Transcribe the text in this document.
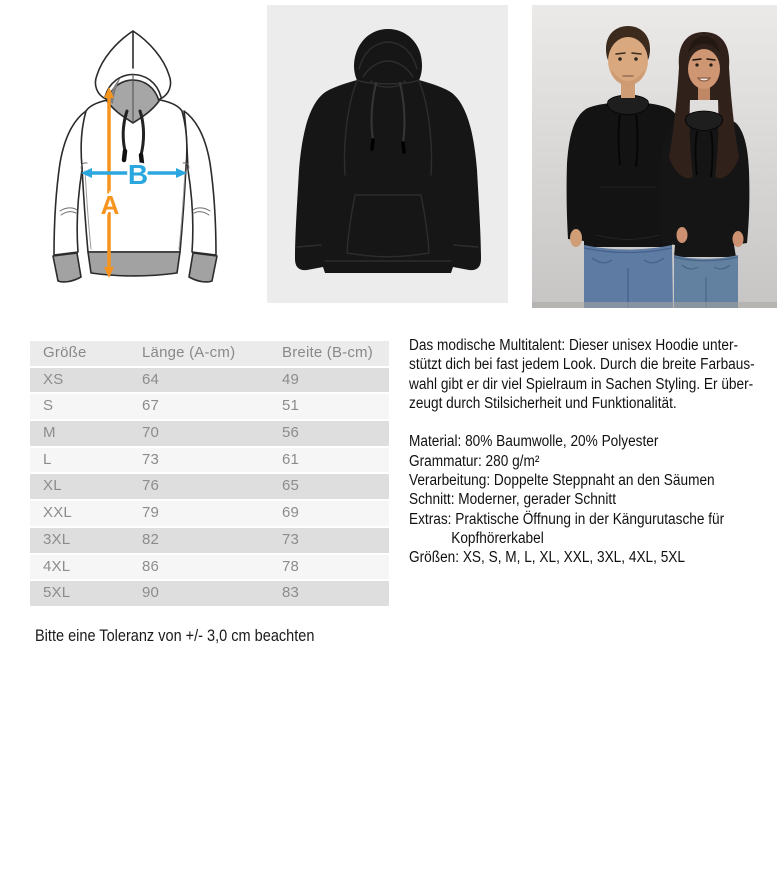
A
B
Größe	Länge (A-cm)	Breite (B-cm)
XS	64	49
S	67	51
M	70	56
L	73	61
XL	76	65
XXL	79	69
3XL	82	73
4XL	86	78
5XL	90	83
Bitte eine Toleranz von +/- 3,0 cm beachten
Das modische Multitalent: Dieser unisex Hoodie unter-
stützt dich bei fast jedem Look. Durch die breite Farbaus-
wahl gibt er dir viel Spielraum in Sachen Styling. Er über-
zeugt durch Stilsicherheit und Funktionalität.
Material: 80% Baumwolle, 20% Polyester
Grammatur: 280 g/m²
Verarbeitung: Doppelte Steppnaht an den Säumen
Schnitt: Moderner, gerader Schnitt
Extras: Praktische Öffnung in der Kängurutasche für
Kopfhörerkabel
Größen: XS, S, M, L, XL, XXL, 3XL, 4XL, 5XL
